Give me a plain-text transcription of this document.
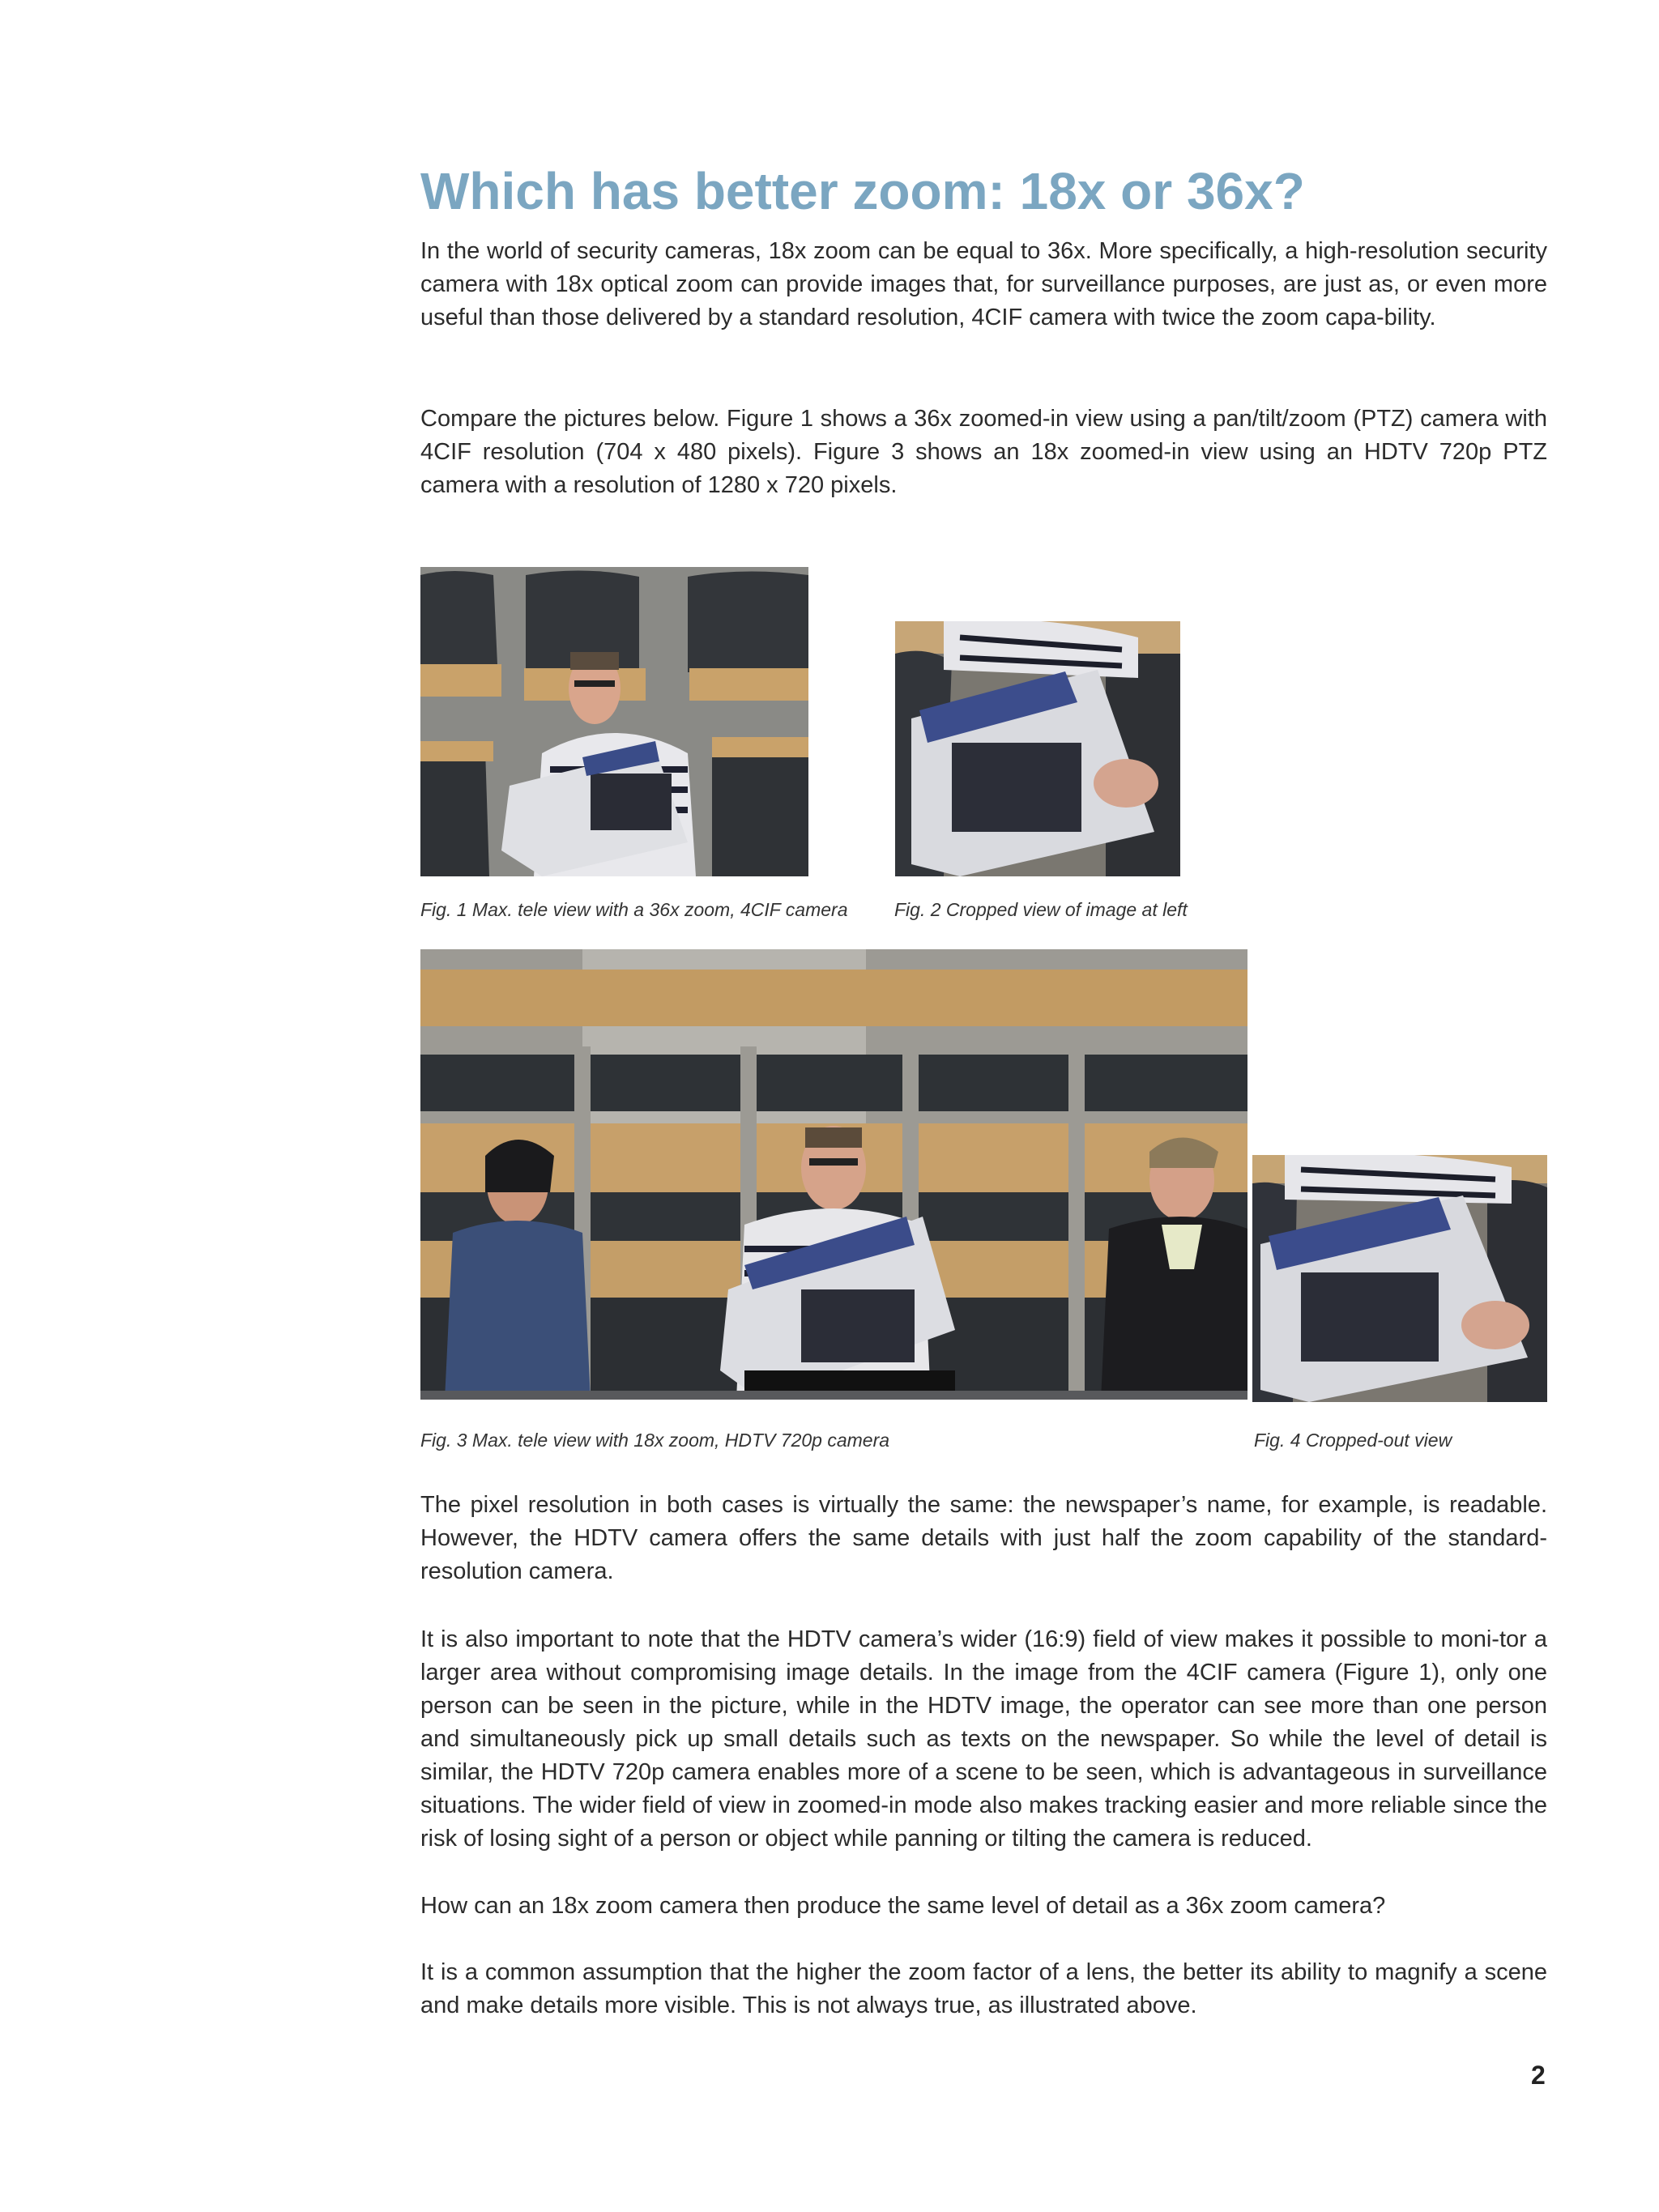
Which has better zoom: 18x or 36x?

In the world of security cameras, 18x zoom can be equal to 36x. More specifically, a high-resolution security camera with 18x optical zoom can provide images that, for surveillance purposes, are just as, or even more useful than those delivered by a standard resolution, 4CIF camera with twice the zoom capa-bility.

Compare the pictures below. Figure 1 shows a 36x zoomed-in view using a pan/tilt/zoom (PTZ) camera with 4CIF resolution (704 x 480 pixels). Figure 3 shows an 18x zoomed-in view using an HDTV 720p PTZ camera with a resolution of 1280 x 720 pixels.

Fig. 1 Max. tele view with a 36x zoom, 4CIF camera	Fig. 2 Cropped view of image at left

Fig. 3 Max. tele view with 18x zoom, HDTV 720p camera	Fig. 4 Cropped-out view

The pixel resolution in both cases is virtually the same: the newspaper’s name, for example, is readable. However, the HDTV camera offers the same details with just half the zoom capability of the standard-resolution camera.

It is also important to note that the HDTV camera’s wider (16:9) field of view makes it possible to moni-tor a larger area without compromising image details. In the image from the 4CIF camera (Figure 1), only one person can be seen in the picture, while in the HDTV image, the operator can see more than one person and simultaneously pick up small details such as texts on the newspaper. So while the level of detail is similar, the HDTV 720p camera enables more of a scene to be seen, which is advantageous in surveillance situations. The wider field of view in zoomed-in mode also makes tracking easier and more reliable since the risk of losing sight of a person or object while panning or tilting the camera is reduced.

How can an 18x zoom camera then produce the same level of detail as a 36x zoom camera?

It is a common assumption that the higher the zoom factor of a lens, the better its ability to magnify a scene and make details more visible. This is not always true, as illustrated above.

2
